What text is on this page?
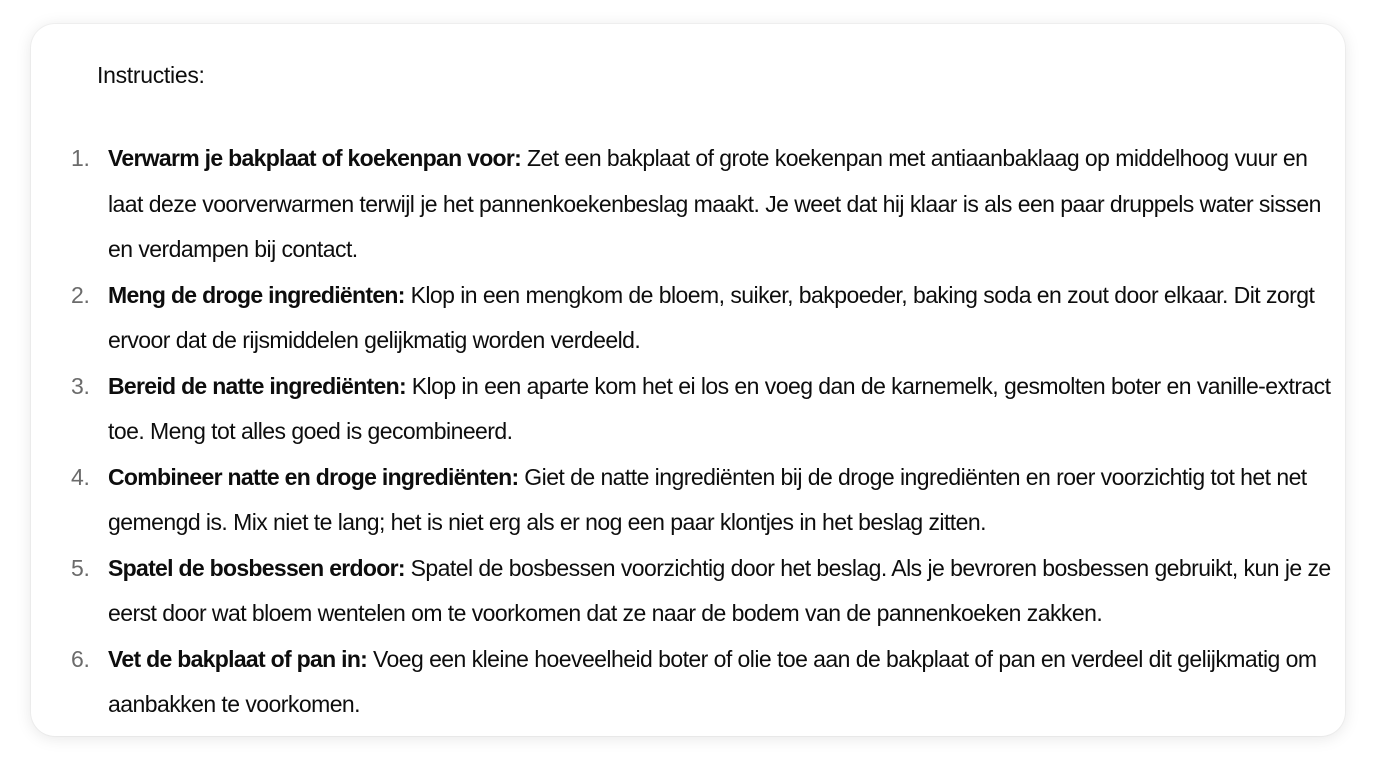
Instructies:
1. Verwarm je bakplaat of koekenpan voor: Zet een bakplaat of grote koekenpan met antiaanbaklaag op middelhoog vuur en laat deze voorverwarmen terwijl je het pannenkoekenbeslag maakt. Je weet dat hij klaar is als een paar druppels water sissen en verdampen bij contact.
2. Meng de droge ingrediënten: Klop in een mengkom de bloem, suiker, bakpoeder, baking soda en zout door elkaar. Dit zorgt ervoor dat de rijsmiddelen gelijkmatig worden verdeeld.
3. Bereid de natte ingrediënten: Klop in een aparte kom het ei los en voeg dan de karnemelk, gesmolten boter en vanille-extract toe. Meng tot alles goed is gecombineerd.
4. Combineer natte en droge ingrediënten: Giet de natte ingrediënten bij de droge ingrediënten en roer voorzichtig tot het net gemengd is. Mix niet te lang; het is niet erg als er nog een paar klontjes in het beslag zitten.
5. Spatel de bosbessen erdoor: Spatel de bosbessen voorzichtig door het beslag. Als je bevroren bosbessen gebruikt, kun je ze eerst door wat bloem wentelen om te voorkomen dat ze naar de bodem van de pannenkoeken zakken.
6. Vet de bakplaat of pan in: Voeg een kleine hoeveelheid boter of olie toe aan de bakplaat of pan en verdeel dit gelijkmatig om aanbakken te voorkomen.
